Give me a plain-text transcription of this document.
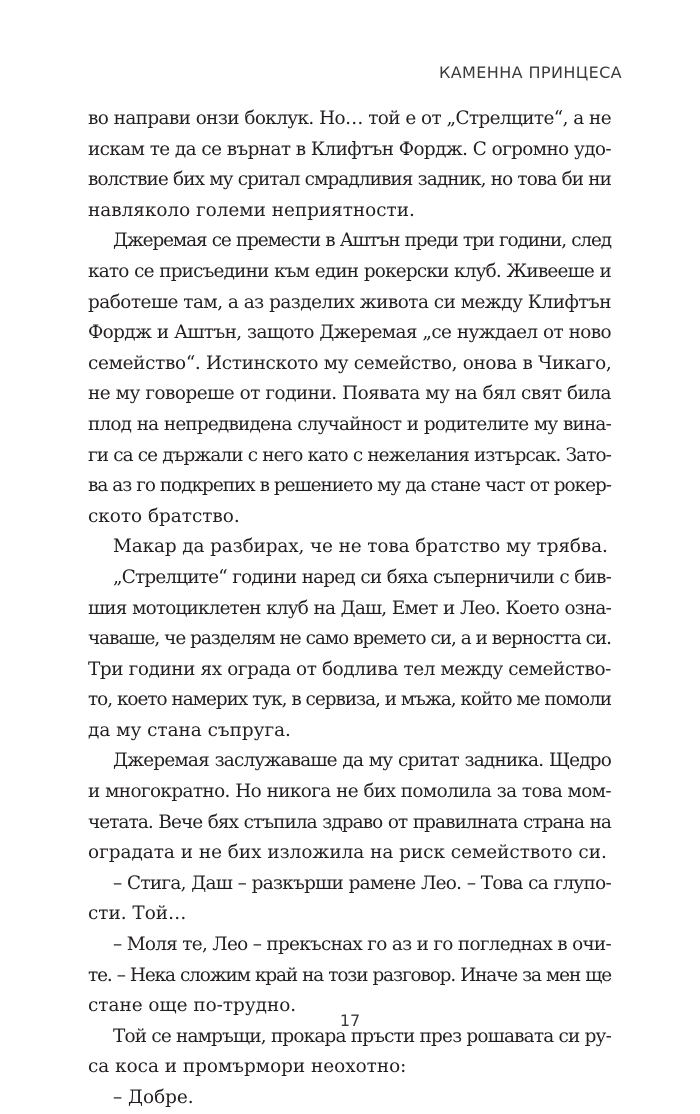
КАМЕННА ПРИНЦЕСА
во направи онзи боклук. Но… той е от „Стрелците“, а не
искам те да се върнат в Клифтън Фордж. С огромно удо-
волствие бих му сритал смрадливия задник, но това би ни
навляколо големи неприятности.
Джеремая се премести в Аштън преди три години, след
като се присъедини към един рокерски клуб. Живееше и
работеше там, а аз разделих живота си между Клифтън
Фордж и Аштън, защото Джеремая „се нуждаел от ново
семейство“. Истинското му семейство, онова в Чикаго,
не му говореше от години. Появата му на бял свят била
плод на непредвидена случайност и родителите му вина-
ги са се държали с него като с нежелания изтърсак. Зато-
ва аз го подкрепих в решението му да стане част от рокер-
ското братство.
Макар да разбирах, че не това братство му трябва.
„Стрелците“ години наред си бяха съперничили с бив-
шия мотоциклетен клуб на Даш, Емет и Лео. Което озна-
чаваше, че разделям не само времето си, а и верността си.
Три години ях ограда от бодлива тел между семейство-
то, което намерих тук, в сервиза, и мъжа, който ме помоли
да му стана съпруга.
Джеремая заслужаваше да му сритат задника. Щедро
и многократно. Но никога не бих помолила за това мом-
четата. Вече бях стъпила здраво от правилната страна на
оградата и не бих изложила на риск семейството си.
– Стига, Даш – разкърши рамене Лео. – Това са глупо-
сти. Той…
– Моля те, Лео – прекъснах го аз и го погледнах в очи-
те. – Нека сложим край на този разговор. Иначе за мен ще
стане още по-трудно.
Той се намръщи, прокара пръсти през рошавата си ру-
са коса и промърмори неохотно:
– Добре.
17
